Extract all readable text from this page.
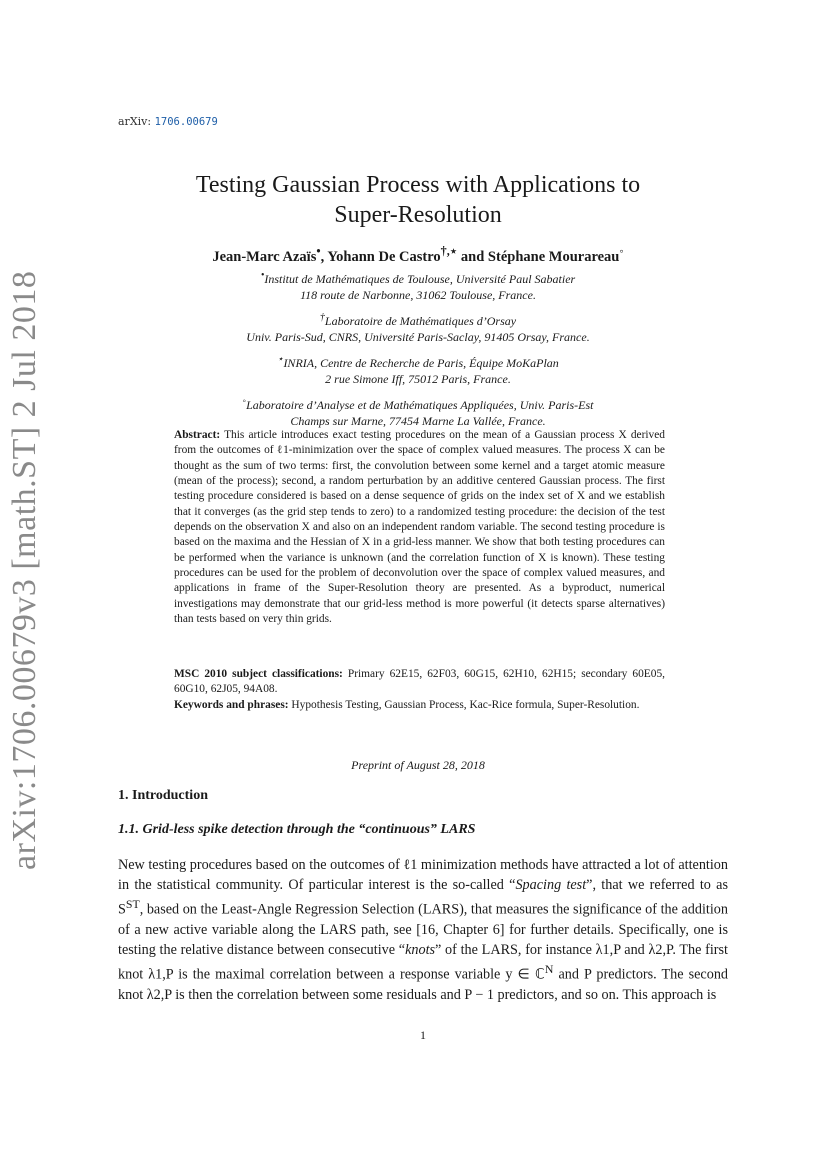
arXiv: 1706.00679
arXiv:1706.00679v3 [math.ST] 2 Jul 2018
Testing Gaussian Process with Applications to
Super-Resolution
Jean-Marc Azaïs•, Yohann De Castro†,⋆ and Stéphane Mourareau◦
•Institut de Mathématiques de Toulouse, Université Paul Sabatier
118 route de Narbonne, 31062 Toulouse, France.
†Laboratoire de Mathématiques d’Orsay
Univ. Paris-Sud, CNRS, Université Paris-Saclay, 91405 Orsay, France.
⋆INRIA, Centre de Recherche de Paris, Équipe MoKaPlan
2 rue Simone Iff, 75012 Paris, France.
◦Laboratoire d’Analyse et de Mathématiques Appliquées, Univ. Paris-Est
Champs sur Marne, 77454 Marne La Vallée, France.
Abstract: This article introduces exact testing procedures on the mean of a Gaussian process X derived from the outcomes of ℓ1-minimization over the space of complex valued measures. The process X can be thought as the sum of two terms: first, the convolution between some kernel and a target atomic measure (mean of the process); second, a random perturbation by an additive centered Gaussian process. The first testing procedure considered is based on a dense sequence of grids on the index set of X and we establish that it converges (as the grid step tends to zero) to a randomized testing procedure: the decision of the test depends on the observation X and also on an independent random variable. The second testing procedure is based on the maxima and the Hessian of X in a grid-less manner. We show that both testing procedures can be performed when the variance is unknown (and the correlation function of X is known). These testing procedures can be used for the problem of deconvolution over the space of complex valued measures, and applications in frame of the Super-Resolution theory are presented. As a byproduct, numerical investigations may demonstrate that our grid-less method is more powerful (it detects sparse alternatives) than tests based on very thin grids.
MSC 2010 subject classifications: Primary 62E15, 62F03, 60G15, 62H10, 62H15; secondary 60E05, 60G10, 62J05, 94A08.
Keywords and phrases: Hypothesis Testing, Gaussian Process, Kac-Rice formula, Super-Resolution.
Preprint of August 28, 2018
1. Introduction
1.1. Grid-less spike detection through the “continuous” LARS
New testing procedures based on the outcomes of ℓ1 minimization methods have attracted a lot of attention in the statistical community. Of particular interest is the so-called “Spacing test”, that we referred to as $S^{ST}$, based on the Least-Angle Regression Selection (LARS), that measures the significance of the addition of a new active variable along the LARS path, see [16, Chapter 6] for further details. Specifically, one is testing the relative distance between consecutive “knots” of the LARS, for instance λ1,P and λ2,P. The first knot λ1,P is the maximal correlation between a response variable y ∈ ℂ$^N$ and P predictors. The second knot λ2,P is then the correlation between some residuals and P − 1 predictors, and so on. This approach is
1
